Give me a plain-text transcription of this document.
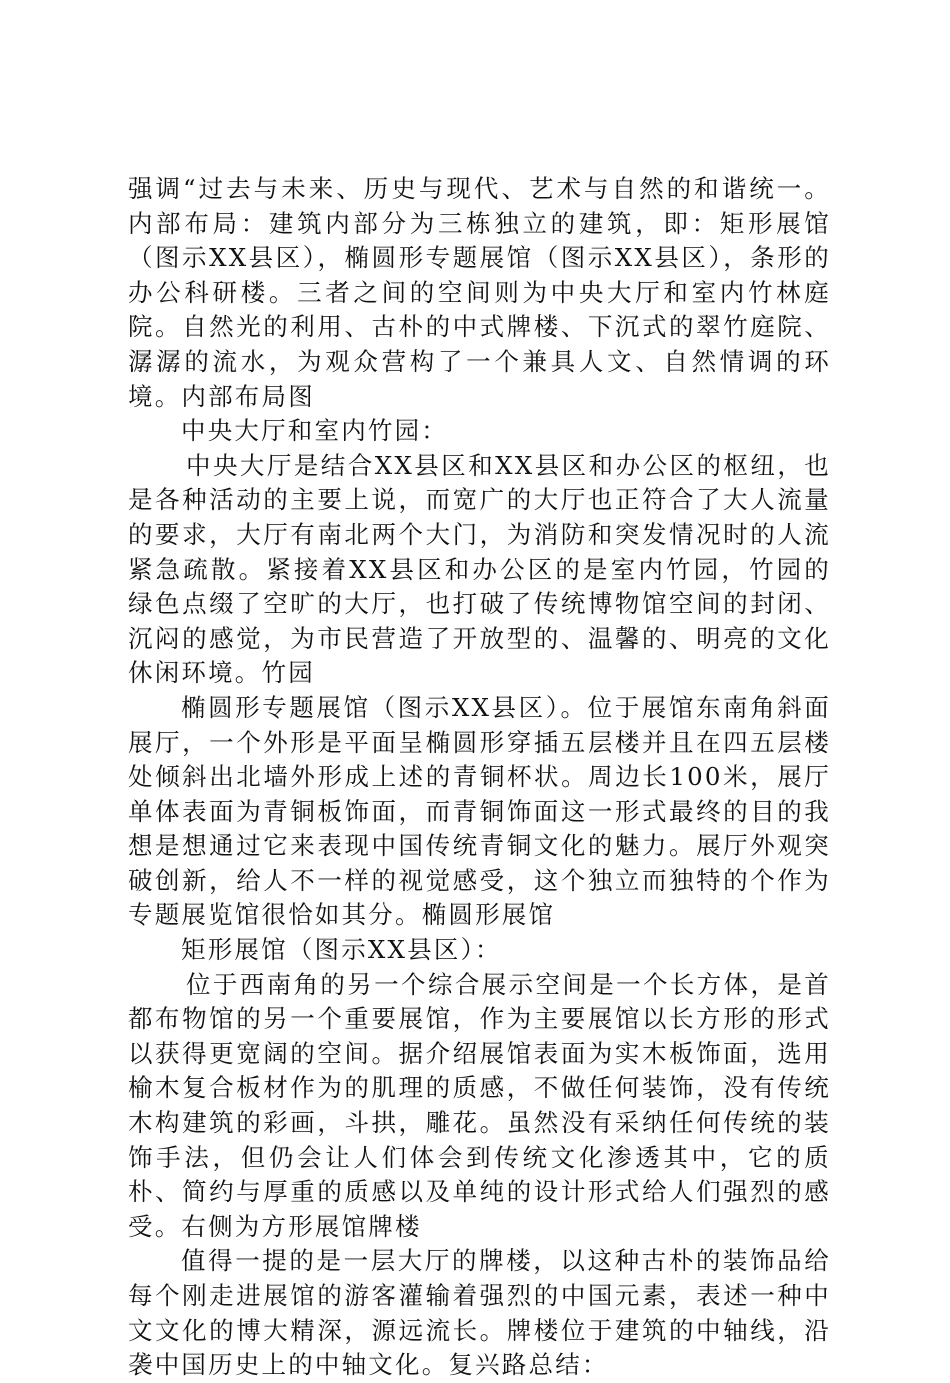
强调“过去与未来、历史与现代、艺术与自然的和谐统一。内部布局：建筑内部分为三栋独立的建筑，即：矩形展馆（图示XX县区），椭圆形专题展馆（图示XX县区），条形的办公科研楼。三者之间的空间则为中央大厅和室内竹林庭院。自然光的利用、古朴的中式牌楼、下沉式的翠竹庭院、潺潺的流水，为观众营构了一个兼具人文、自然情调的环境。内部布局图

中央大厅和室内竹园：

中央大厅是结合XX县区和XX县区和办公区的枢纽，也是各种活动的主要上说，而宽广的大厅也正符合了大人流量的要求，大厅有南北两个大门，为消防和突发情况时的人流紧急疏散。紧接着XX县区和办公区的是室内竹园，竹园的绿色点缀了空旷的大厅，也打破了传统博物馆空间的封闭、沉闷的感觉，为市民营造了开放型的、温馨的、明亮的文化休闲环境。竹园

椭圆形专题展馆（图示XX县区）。位于展馆东南角斜面展厅，一个外形是平面呈椭圆形穿插五层楼并且在四五层楼处倾斜出北墙外形成上述的青铜杯状。周边长100米，展厅单体表面为青铜板饰面，而青铜饰面这一形式最终的目的我想是想通过它来表现中国传统青铜文化的魅力。展厅外观突破创新，给人不一样的视觉感受，这个独立而独特的个作为专题展览馆很恰如其分。椭圆形展馆

矩形展馆（图示XX县区）：

位于西南角的另一个综合展示空间是一个长方体，是首都布物馆的另一个重要展馆，作为主要展馆以长方形的形式以获得更宽阔的空间。据介绍展馆表面为实木板饰面，选用榆木复合板材作为的肌理的质感，不做任何装饰，没有传统木构建筑的彩画，斗拱，雕花。虽然没有采纳任何传统的装饰手法，但仍会让人们体会到传统文化渗透其中，它的质朴、简约与厚重的质感以及单纯的设计形式给人们强烈的感受。右侧为方形展馆牌楼

值得一提的是一层大厅的牌楼，以这种古朴的装饰品给每个刚走进展馆的游客灌输着强烈的中国元素，表述一种中文文化的博大精深，源远流长。牌楼位于建筑的中轴线，沿袭中国历史上的中轴文化。复兴路总结：
